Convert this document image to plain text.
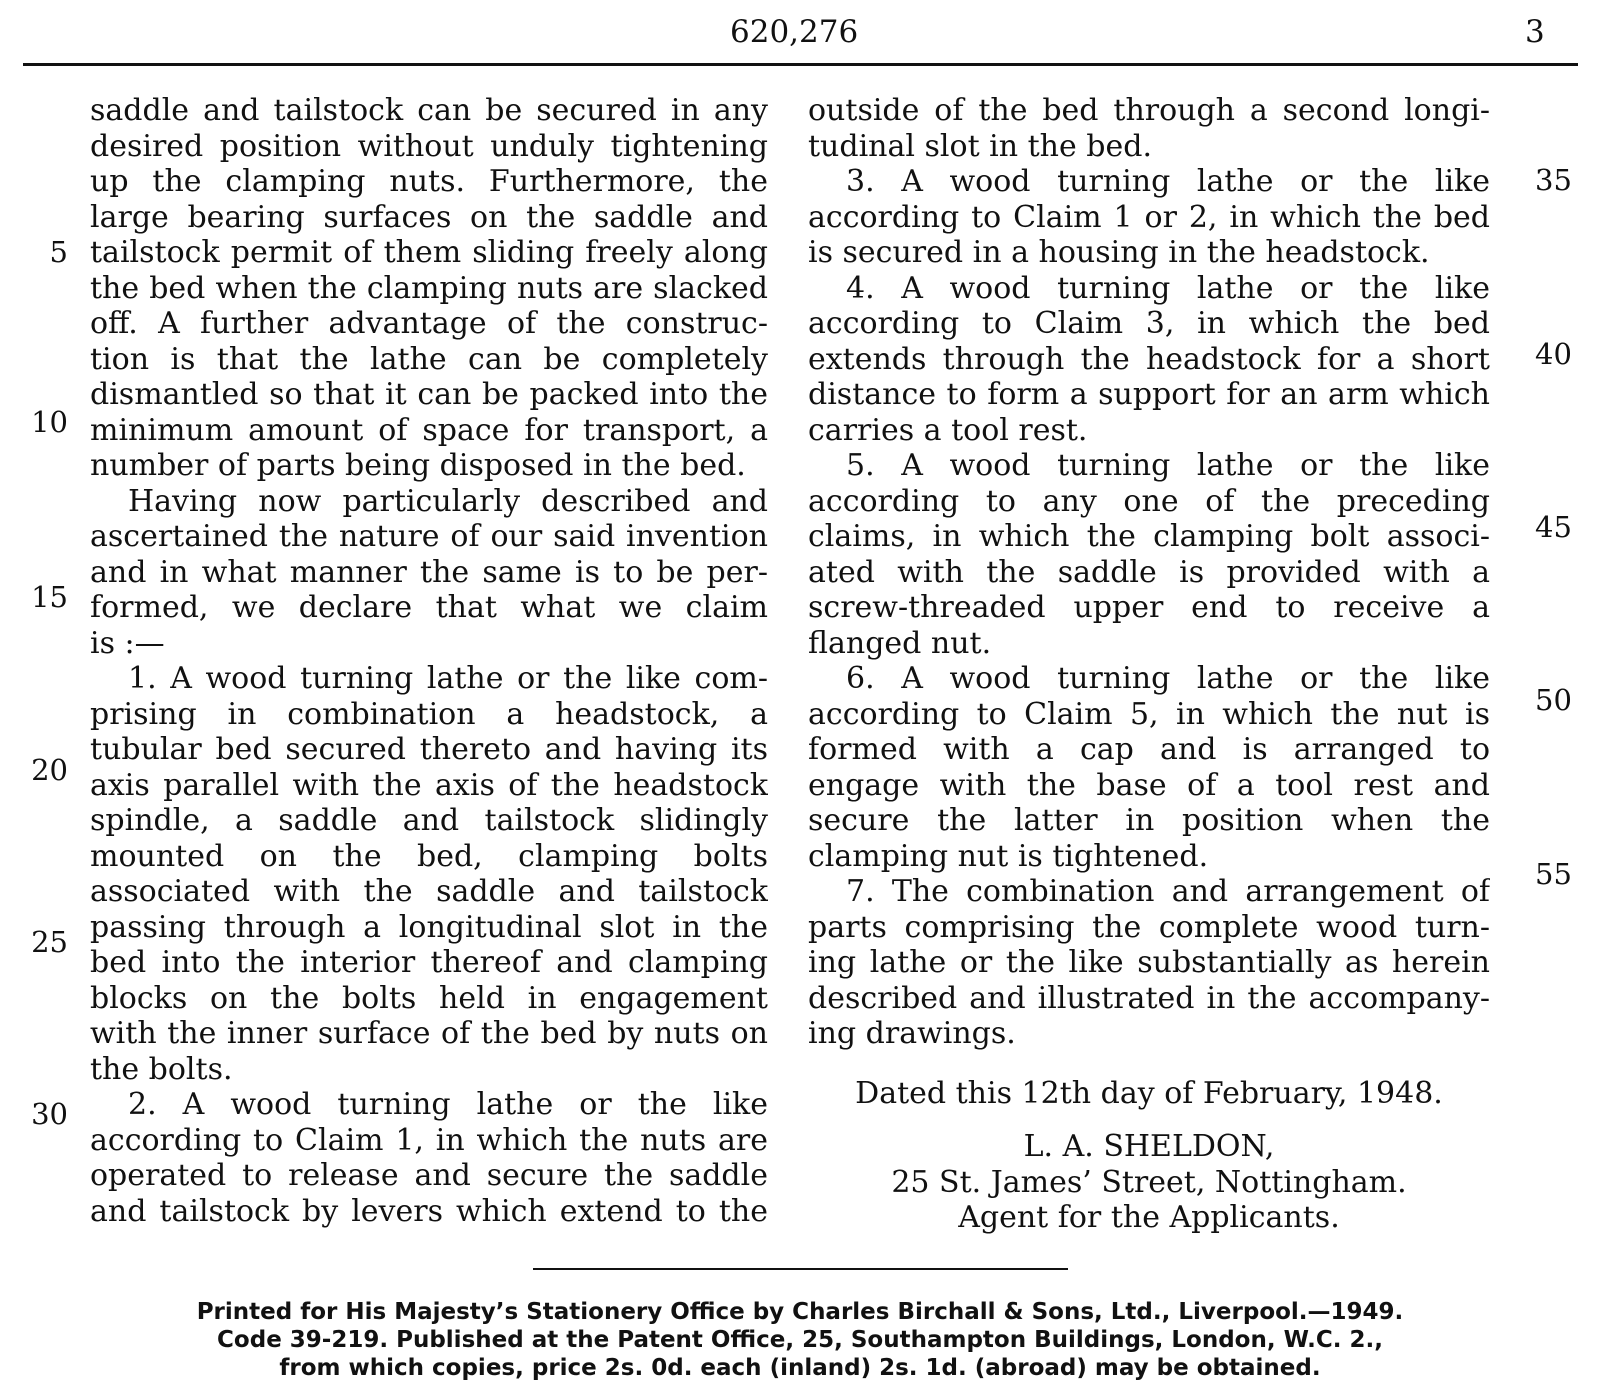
620,276	3
saddle and tailstock can be secured in any
desired position without unduly tightening
up the clamping nuts. Furthermore, the
large bearing surfaces on the saddle and
tailstock permit of them sliding freely along
the bed when the clamping nuts are slacked
off. A further advantage of the construc-
tion is that the lathe can be completely
dismantled so that it can be packed into the
minimum amount of space for transport, a
number of parts being disposed in the bed.
Having now particularly described and
ascertained the nature of our said invention
and in what manner the same is to be per-
formed, we declare that what we claim
is :—
1. A wood turning lathe or the like com-
prising in combination a headstock, a
tubular bed secured thereto and having its
axis parallel with the axis of the headstock
spindle, a saddle and tailstock slidingly
mounted on the bed, clamping bolts
associated with the saddle and tailstock
passing through a longitudinal slot in the
bed into the interior thereof and clamping
blocks on the bolts held in engagement
with the inner surface of the bed by nuts on
the bolts.
2. A wood turning lathe or the like
according to Claim 1, in which the nuts are
operated to release and secure the saddle
and tailstock by levers which extend to the
outside of the bed through a second longi-
tudinal slot in the bed.
3. A wood turning lathe or the like
according to Claim 1 or 2, in which the bed
is secured in a housing in the headstock.
4. A wood turning lathe or the like
according to Claim 3, in which the bed
extends through the headstock for a short
distance to form a support for an arm which
carries a tool rest.
5. A wood turning lathe or the like
according to any one of the preceding
claims, in which the clamping bolt associ-
ated with the saddle is provided with a
screw-threaded upper end to receive a
flanged nut.
6. A wood turning lathe or the like
according to Claim 5, in which the nut is
formed with a cap and is arranged to
engage with the base of a tool rest and
secure the latter in position when the
clamping nut is tightened.
7. The combination and arrangement of
parts comprising the complete wood turn-
ing lathe or the like substantially as herein
described and illustrated in the accompany-
ing drawings.
5
10
15
20
25
30
35
40
45
50
55
Dated this 12th day of February, 1948.
L. A. SHELDON,
25 St. James’ Street, Nottingham.
Agent for the Applicants.
Printed for His Majesty’s Stationery Office by Charles Birchall & Sons, Ltd., Liverpool.—1949.
Code 39-219. Published at the Patent Office, 25, Southampton Buildings, London, W.C. 2.,
from which copies, price 2s. 0d. each (inland) 2s. 1d. (abroad) may be obtained.
